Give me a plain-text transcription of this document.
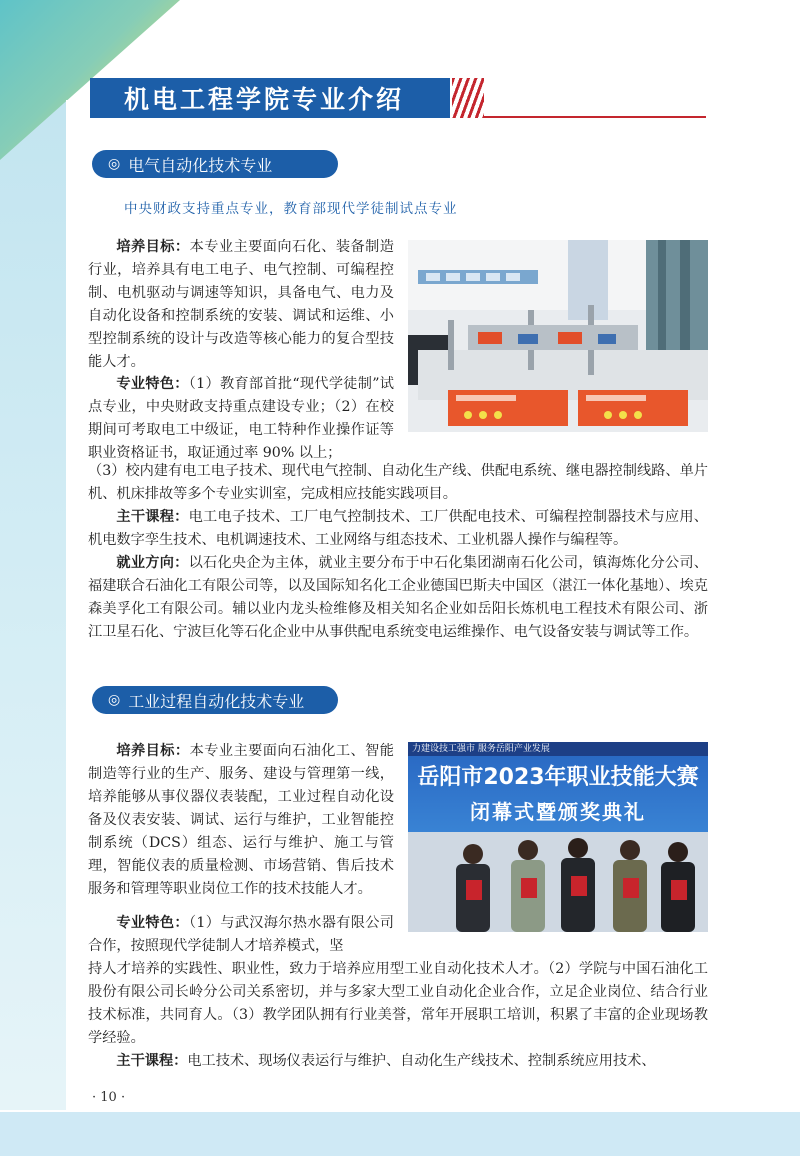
机电工程学院专业介绍
◎ 电气自动化技术专业
中央财政支持重点专业，教育部现代学徒制试点专业

培养目标：本专业主要面向石化、装备制造行业，培养具有电工电子、电气控制、可编程控制、电机驱动与调速等知识，具备电气、电力及自动化设备和控制系统的安装、调试和运维、小型控制系统的设计与改造等核心能力的复合型技能人才。

专业特色：（1）教育部首批“现代学徒制”试点专业，中央财政支持重点建设专业；（2）在校期间可考取电工中级证，电工特种作业操作证等职业资格证书，取证通过率 90% 以上；

（3）校内建有电工电子技术、现代电气控制、自动化生产线、供配电系统、继电器控制线路、单片机、机床排故等多个专业实训室，完成相应技能实践项目。

主干课程：电工电子技术、工厂电气控制技术、工厂供配电技术、可编程控制器技术与应用、机电数字孪生技术、电机调速技术、工业网络与组态技术、工业机器人操作与编程等。

就业方向：以石化央企为主体，就业主要分布于中石化集团湖南石化公司，镇海炼化分公司、福建联合石油化工有限公司等，以及国际知名化工企业德国巴斯夫中国区（湛江一体化基地）、埃克森美孚化工有限公司。辅以业内龙头检维修及相关知名企业如岳阳长炼机电工程技术有限公司、浙江卫星石化、宁波巨化等石化企业中从事供配电系统变电运维操作、电气设备安装与调试等工作。

◎ 工业过程自动化技术专业

培养目标：本专业主要面向石油化工、智能制造等行业的生产、服务、建设与管理第一线，培养能够从事仪器仪表装配，工业过程自动化设备及仪表安装、调试、运行与维护，工业智能控制系统（DCS）组态、运行与维护、施工与管理，智能仪表的质量检测、市场营销、售后技术服务和管理等职业岗位工作的技术技能人才。

专业特色：（1）与武汉海尔热水器有限公司合作，按照现代学徒制人才培养模式，坚

持人才培养的实践性、职业性，致力于培养应用型工业自动化技术人才。（2）学院与中国石油化工股份有限公司长岭分公司关系密切，并与多家大型工业自动化企业合作，立足企业岗位、结合行业技术标准，共同育人。（3）教学团队拥有行业美誉，常年开展职工培训，积累了丰富的企业现场教学经验。

主干课程：电工技术、现场仪表运行与维护、自动化生产线技术、控制系统应用技术、

力建设技工强市 服务岳阳产业发展
岳阳市2023年职业技能大赛
闭幕式暨颁奖典礼
· 10 ·
